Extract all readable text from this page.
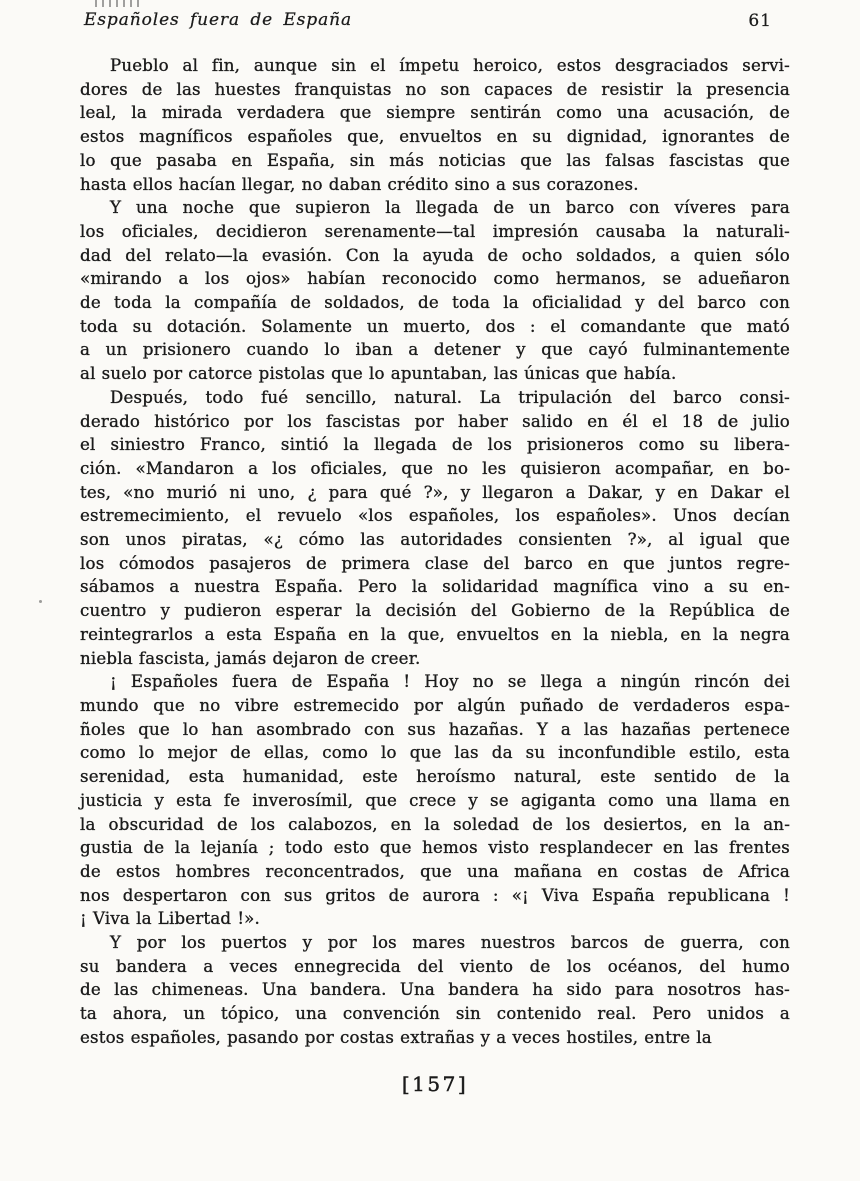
Españoles fuera de España	61
Pueblo al fin, aunque sin el ímpetu heroico, estos desgraciados servi-
dores de las huestes franquistas no son capaces de resistir la presencia
leal, la mirada verdadera que siempre sentirán como una acusación, de
estos magníficos españoles que, envueltos en su dignidad, ignorantes de
lo que pasaba en España, sin más noticias que las falsas fascistas que
hasta ellos hacían llegar, no daban crédito sino a sus corazones.
Y una noche que supieron la llegada de un barco con víveres para
los oficiales, decidieron serenamente—tal impresión causaba la naturali-
dad del relato—la evasión. Con la ayuda de ocho soldados, a quien sólo
«mirando a los ojos» habían reconocido como hermanos, se adueñaron
de toda la compañía de soldados, de toda la oficialidad y del barco con
toda su dotación. Solamente un muerto, dos : el comandante que mató
a un prisionero cuando lo iban a detener y que cayó fulminantemente
al suelo por catorce pistolas que lo apuntaban, las únicas que había.
Después, todo fué sencillo, natural. La tripulación del barco consi-
derado histórico por los fascistas por haber salido en él el 18 de julio
el siniestro Franco, sintió la llegada de los prisioneros como su libera-
ción. «Mandaron a los oficiales, que no les quisieron acompañar, en bo-
tes, «no murió ni uno, ¿ para qué ?», y llegaron a Dakar, y en Dakar el
estremecimiento, el revuelo «los españoles, los españoles». Unos decían
son unos piratas, «¿ cómo las autoridades consienten ?», al igual que
los cómodos pasajeros de primera clase del barco en que juntos regre-
sábamos a nuestra España. Pero la solidaridad magnífica vino a su en-
cuentro y pudieron esperar la decisión del Gobierno de la República de
reintegrarlos a esta España en la que, envueltos en la niebla, en la negra
niebla fascista, jamás dejaron de creer.
¡ Españoles fuera de España ! Hoy no se llega a ningún rincón dei
mundo que no vibre estremecido por algún puñado de verdaderos espa-
ñoles que lo han asombrado con sus hazañas. Y a las hazañas pertenece
como lo mejor de ellas, como lo que las da su inconfundible estilo, esta
serenidad, esta humanidad, este heroísmo natural, este sentido de la
justicia y esta fe inverosímil, que crece y se agiganta como una llama en
la obscuridad de los calabozos, en la soledad de los desiertos, en la an-
gustia de la lejanía ; todo esto que hemos visto resplandecer en las frentes
de estos hombres reconcentrados, que una mañana en costas de Africa
nos despertaron con sus gritos de aurora : «¡ Viva España republicana !
¡ Viva la Libertad !».
Y por los puertos y por los mares nuestros barcos de guerra, con
su bandera a veces ennegrecida del viento de los océanos, del humo
de las chimeneas. Una bandera. Una bandera ha sido para nosotros has-
ta ahora, un tópico, una convención sin contenido real. Pero unidos a
estos españoles, pasando por costas extrañas y a veces hostiles, entre la
[157]
